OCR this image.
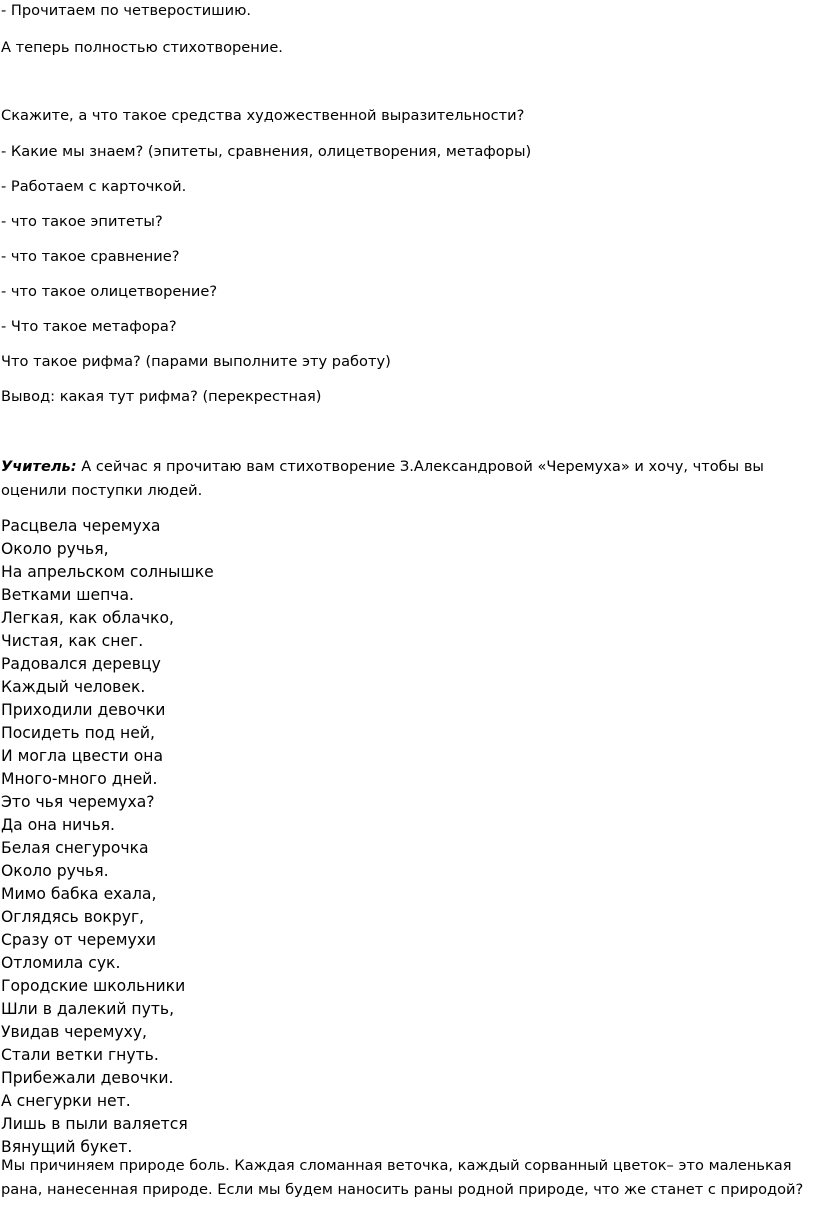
- Прочитаем по четверостишию.

А теперь полностью стихотворение.

Скажите, а что такое средства художественной выразительности?

- Какие мы знаем? (эпитеты, сравнения, олицетворения, метафоры)

- Работаем с карточкой.

- что такое эпитеты?

- что такое сравнение?

- что такое олицетворение?

- Что такое метафора?

Что такое рифма? (парами выполните эту работу)

Вывод: какая тут рифма? (перекрестная)

Учитель: А сейчас я прочитаю вам стихотворение З.Александровой «Черемуха» и хочу, чтобы вы оценили поступки людей.

Расцвела черемуха
Около ручья,
На апрельском солнышке
Ветками шепча.
Легкая, как облачко,
Чистая, как снег.
Радовался деревцу
Каждый человек.
Приходили девочки
Посидеть под ней,
И могла цвести она
Много-много дней.
Это чья черемуха?
Да она ничья.
Белая снегурочка
Около ручья.
Мимо бабка ехала,
Оглядясь вокруг,
Сразу от черемухи
Отломила сук.
Городские школьники
Шли в далекий путь,
Увидав черемуху,
Стали ветки гнуть.
Прибежали девочки.
А снегурки нет.
Лишь в пыли валяется
Вянущий букет.

Мы причиняем природе боль. Каждая сломанная веточка, каждый сорванный цветок– это маленькая рана, нанесенная природе. Если мы будем наносить раны родной природе, что же станет с природой?
